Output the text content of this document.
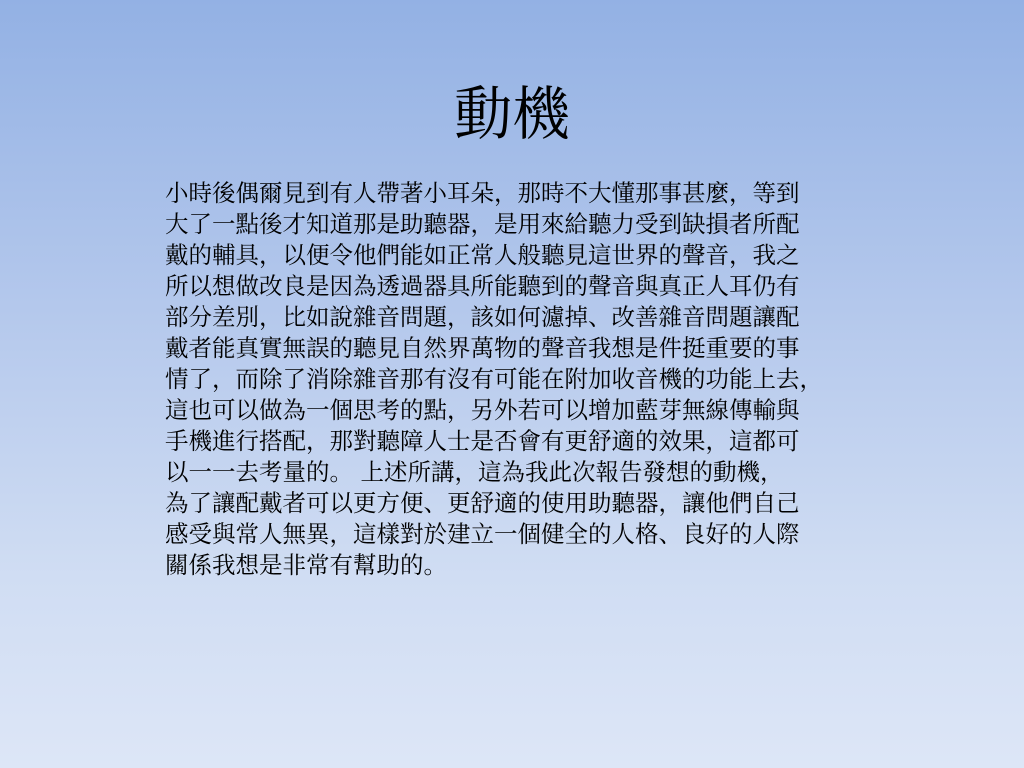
動機
小時後偶爾見到有人帶著小耳朵，那時不大懂那事甚麼，等到
大了一點後才知道那是助聽器，是用來給聽力受到缺損者所配
戴的輔具，以便令他們能如正常人般聽見這世界的聲音，我之
所以想做改良是因為透過器具所能聽到的聲音與真正人耳仍有
部分差別，比如說雜音問題，該如何濾掉、改善雜音問題讓配
戴者能真實無誤的聽見自然界萬物的聲音我想是件挺重要的事
情了，而除了消除雜音那有沒有可能在附加收音機的功能上去，
這也可以做為一個思考的點，另外若可以增加藍芽無線傳輸與
手機進行搭配，那對聽障人士是否會有更舒適的效果，這都可
以一一去考量的。 上述所講，這為我此次報告發想的動機，
為了讓配戴者可以更方便、更舒適的使用助聽器，讓他們自己
感受與常人無異，這樣對於建立一個健全的人格、良好的人際
關係我想是非常有幫助的。
